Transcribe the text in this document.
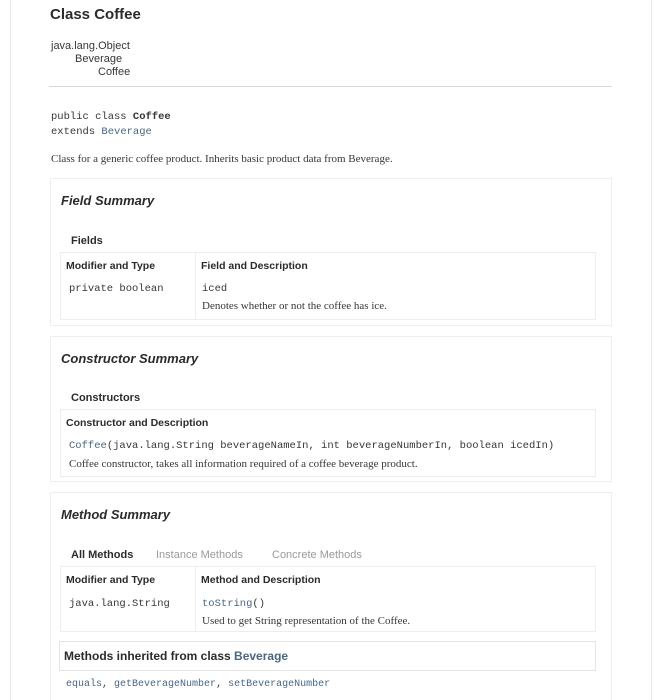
Class Coffee
java.lang.Object
Beverage
Coffee
public class Coffee
extends Beverage
Class for a generic coffee product. Inherits basic product data from Beverage.
Field Summary
Fields
Modifier and Type	Field and Description
private boolean	iced
Denotes whether or not the coffee has ice.
Constructor Summary
Constructors
Constructor and Description
Coffee(java.lang.String beverageNameIn, int beverageNumberIn, boolean icedIn)
Coffee constructor, takes all information required of a coffee beverage product.
Method Summary
All Methods Instance Methods	Concrete Methods
Modifier and Type	Method and Description
java.lang.String	toString()
Used to get String representation of the Coffee.
Methods inherited from class Beverage
equals, getBeverageNumber, setBeverageNumber
